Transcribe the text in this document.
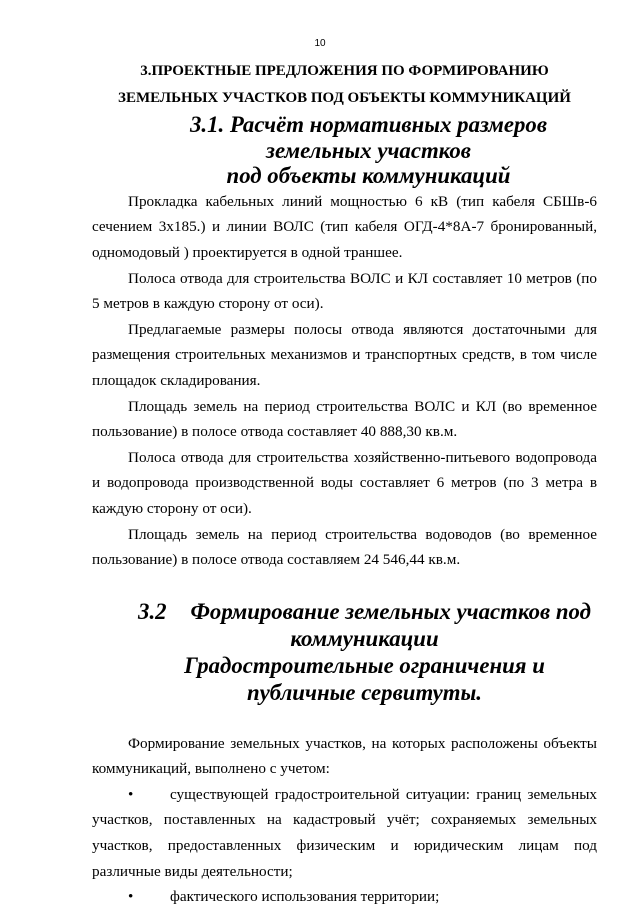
10
3.ПРОЕКТНЫЕ ПРЕДЛОЖЕНИЯ ПО ФОРМИРОВАНИЮ
ЗЕМЕЛЬНЫХ УЧАСТКОВ ПОД ОБЪЕКТЫ КОММУНИКАЦИЙ
3.1. Расчёт нормативных размеров земельных участков
под объекты коммуникаций

Прокладка кабельных линий мощностью 6 кВ (тип кабеля СБШв-6 сечением 3х185.) и линии ВОЛС (тип кабеля ОГД-4*8А-7 бронированный, одномодовый ) проектируется в одной траншее.

Полоса отвода для строительства ВОЛС и КЛ составляет 10 метров (по 5 метров в каждую сторону от оси).

Предлагаемые размеры полосы отвода являются достаточными для размещения строительных механизмов и транспортных средств, в том числе площадок складирования.

Площадь земель на период строительства ВОЛС и КЛ (во временное пользование) в полосе отвода составляет 40 888,30 кв.м.

Полоса отвода для строительства хозяйственно-питьевого водопровода и водопровода производственной воды составляет 6 метров (по 3 метра в каждую сторону от оси).

Площадь земель на период строительства водоводов (во временное пользование) в полосе отвода составляем 24 546,44 кв.м.

3.2 Формирование земельных участков под коммуникации
Градостроительные ограничения и публичные сервитуты.

Формирование земельных участков, на которых расположены объекты коммуникаций, выполнено с учетом:

• существующей градостроительной ситуации: границ земельных участков, поставленных на кадастровый учёт; сохраняемых земельных участков, предоставленных физическим и юридическим лицам под различные виды деятельности;
• фактического использования территории;
